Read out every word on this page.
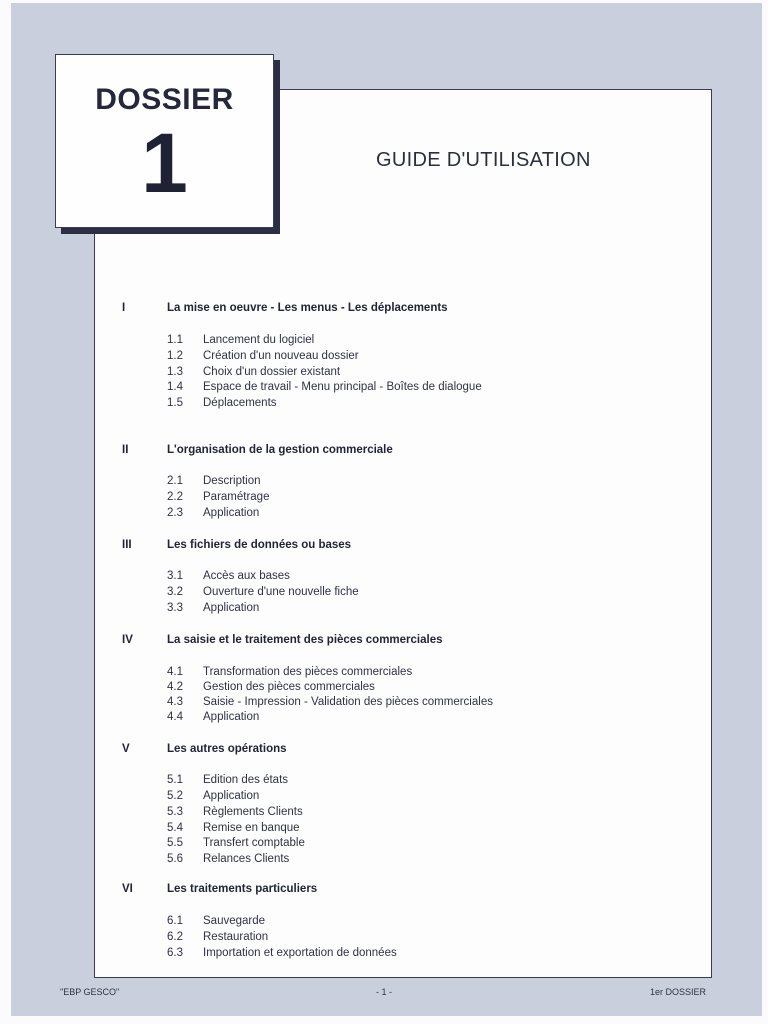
DOSSIER
1	GUIDE D'UTILISATION
I	La mise en oeuvre - Les menus - Les déplacements
1.1 Lancement du logiciel
1.2 Création d'un nouveau dossier
1.3 Choix d'un dossier existant
1.4 Espace de travail - Menu principal - Boîtes de dialogue
1.5 Déplacements
II	L'organisation de la gestion commerciale
2.1 Description
2.2 Paramétrage
2.3 Application
III	Les fichiers de données ou bases
3.1 Accès aux bases
3.2 Ouverture d'une nouvelle fiche
3.3 Application
IV	La saisie et le traitement des pièces commerciales
4.1 Transformation des pièces commerciales
4.2 Gestion des pièces commerciales
4.3 Saisie - Impression - Validation des pièces commerciales
4.4 Application
V	Les autres opérations
5.1 Edition des états
5.2 Application
5.3 Règlements Clients
5.4 Remise en banque
5.5 Transfert comptable
5.6 Relances Clients
VI	Les traitements particuliers
6.1 Sauvegarde
6.2 Restauration
6.3 Importation et exportation de données
"EBP GESCO"	- 1 -	1er DOSSIER
